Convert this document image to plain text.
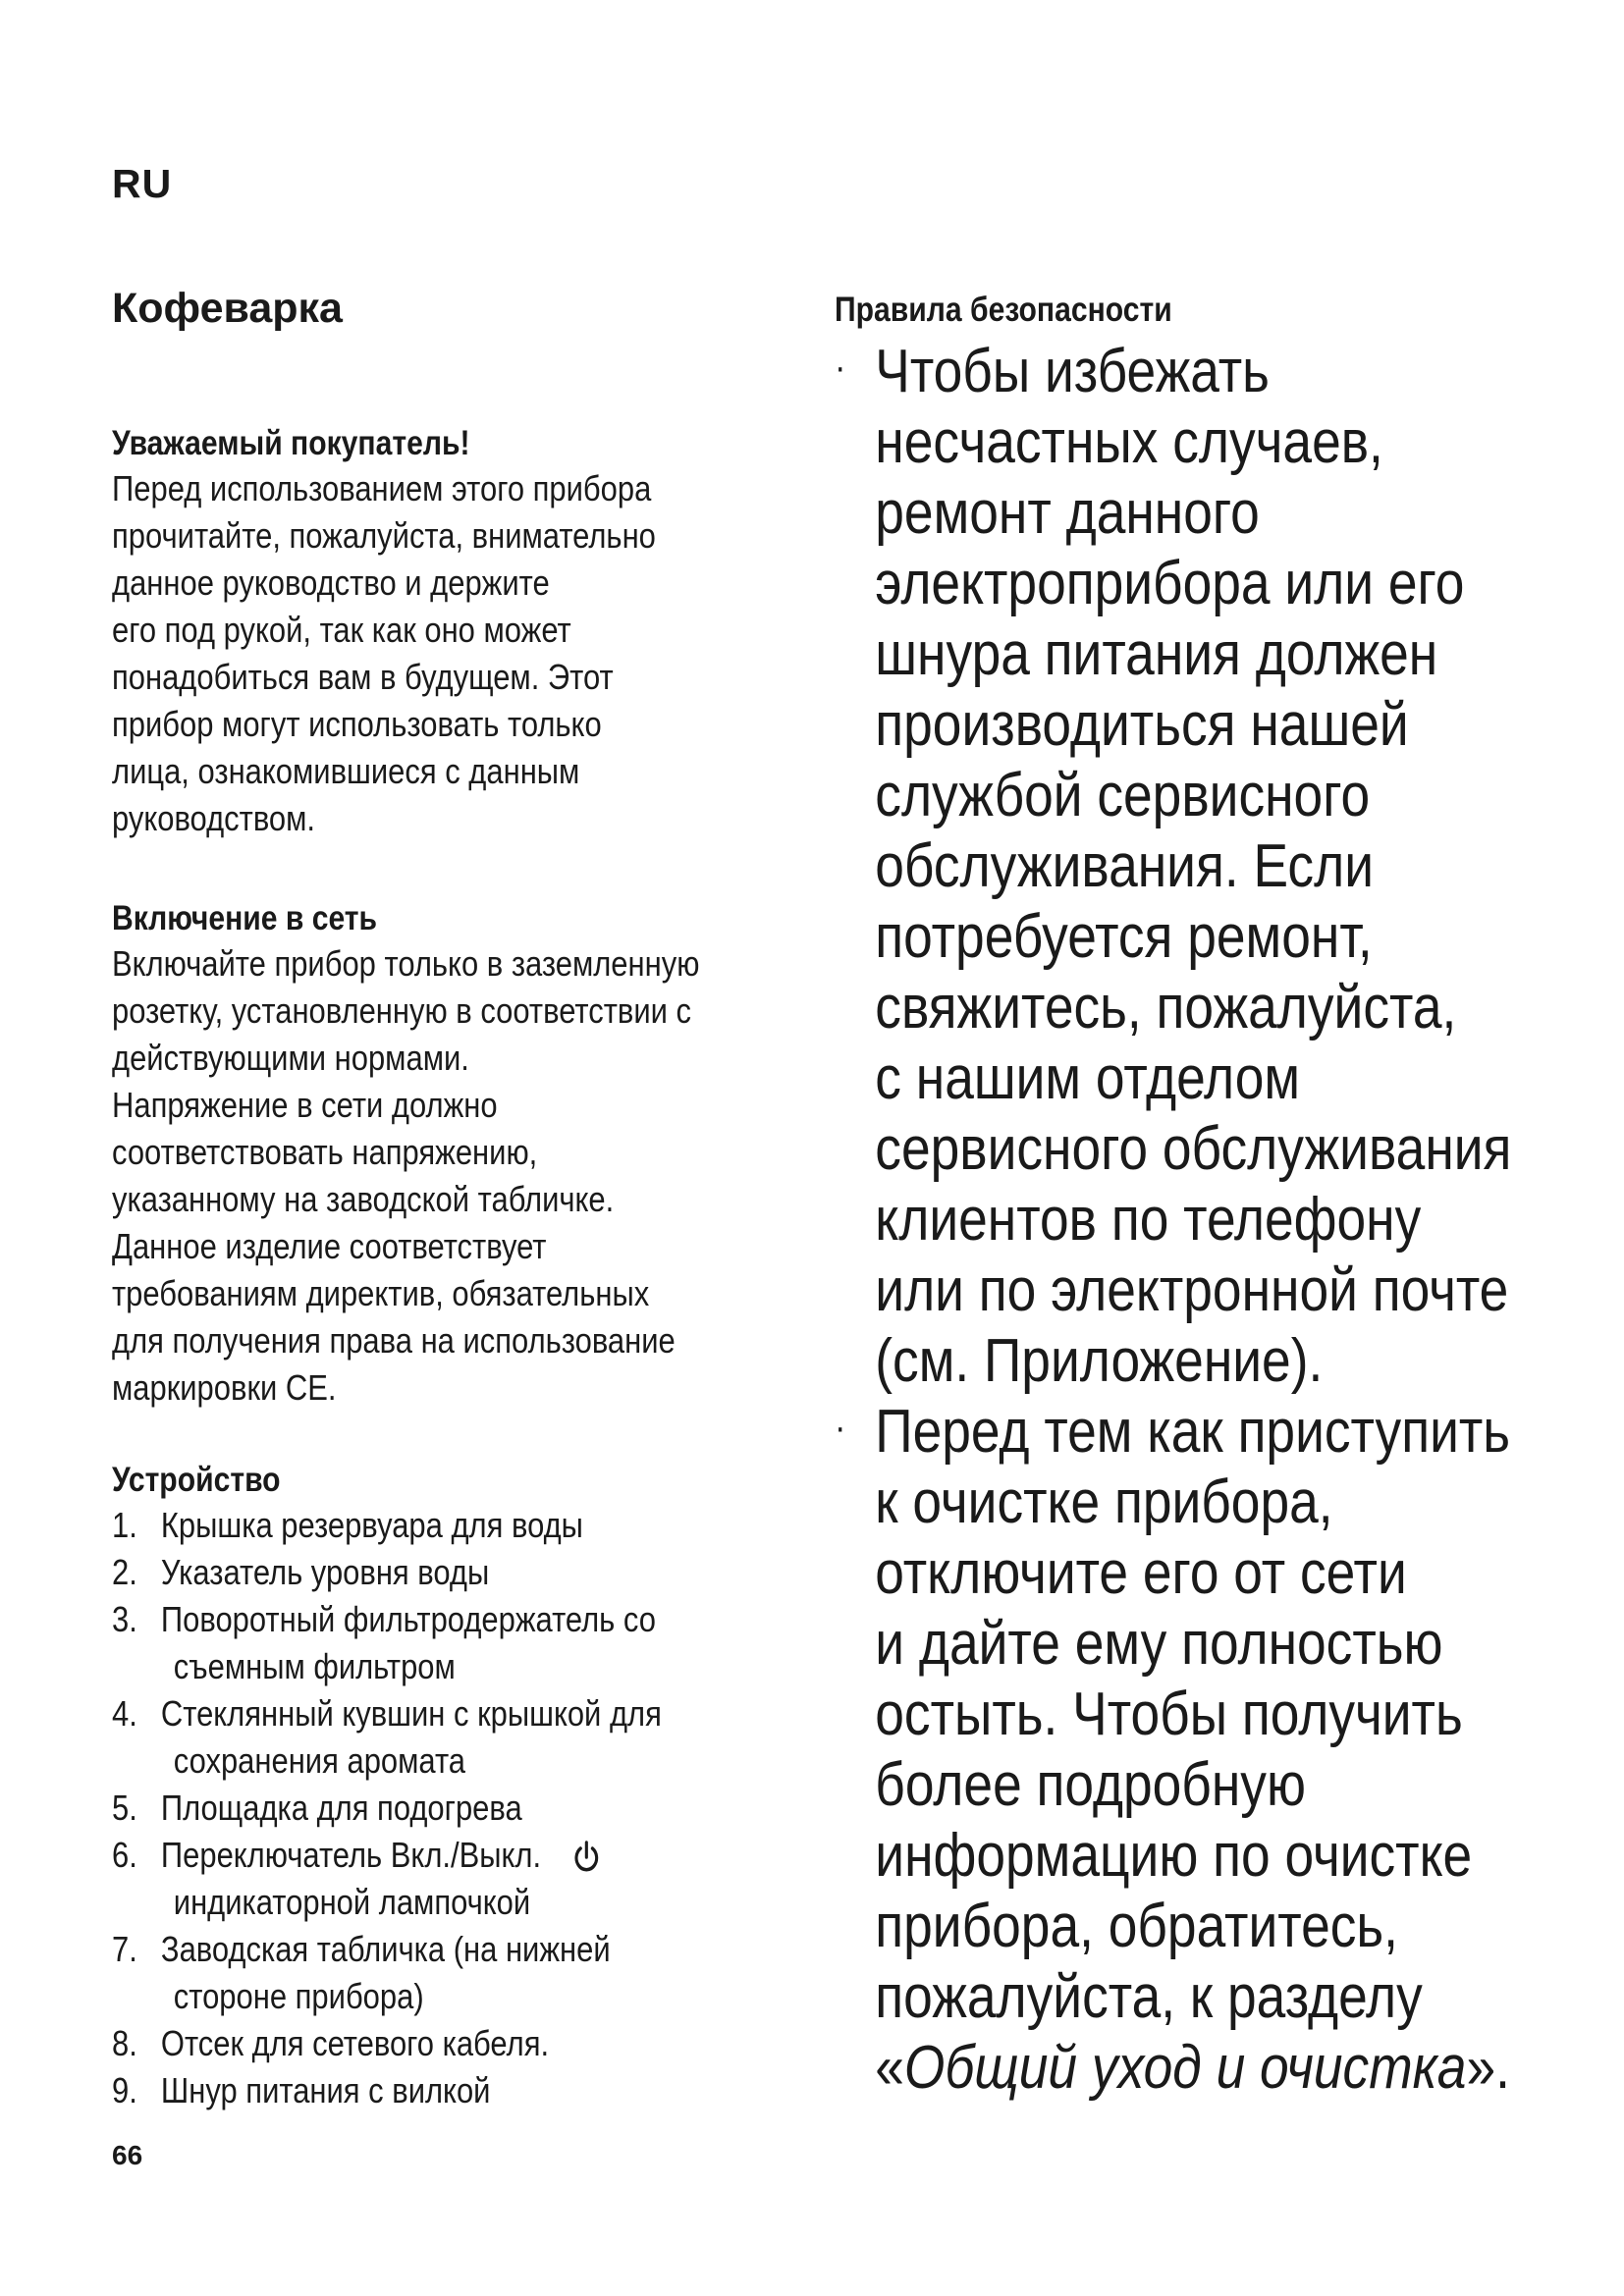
RU
Кофеварка
Уважаемый покупатель!
Перед использованием этого прибора
прочитайте, пожалуйста, внимательно
данное руководство и держите
его под рукой, так как оно может
понадобиться вам в будущем. Этот
прибор могут использовать только
лица, ознакомившиеся с данным
руководством.
Включение в сеть
Включайте прибор только в заземленную
розетку, установленную в соответствии с
действующими нормами.
Напряжение в сети должно
соответствовать напряжению,
указанному на заводской табличке.
Данное изделие соответствует
требованиям директив, обязательных
для получения права на использование
маркировки CE.
Устройство
1. Крышка резервуара для воды
2. Указатель уровня воды
3. Поворотный фильтродержатель со
съемным фильтром
4. Стеклянный кувшин с крышкой для
сохранения аромата
5. Площадка для подогрева
6. Переключатель Вкл./Выкл.
индикаторной лампочкой
7. Заводская табличка (на нижней
стороне прибора)
8. Отсек для сетевого кабеля.
9. Шнур питания с вилкой
66
Правила безопасности
· Чтобы избежать
несчастных случаев,
ремонт данного
электроприбора или его
шнура питания должен
производиться нашей
службой сервисного
обслуживания. Если
потребуется ремонт,
свяжитесь, пожалуйста,
с нашим отделом
сервисного обслуживания
клиентов по телефону
или по электронной почте
(см. Приложение).
· Перед тем как приступить
к очистке прибора,
отключите его от сети
и дайте ему полностью
остыть. Чтобы получить
более подробную
информацию по очистке
прибора, обратитесь,
пожалуйста, к разделу
«Общий уход и очистка».
